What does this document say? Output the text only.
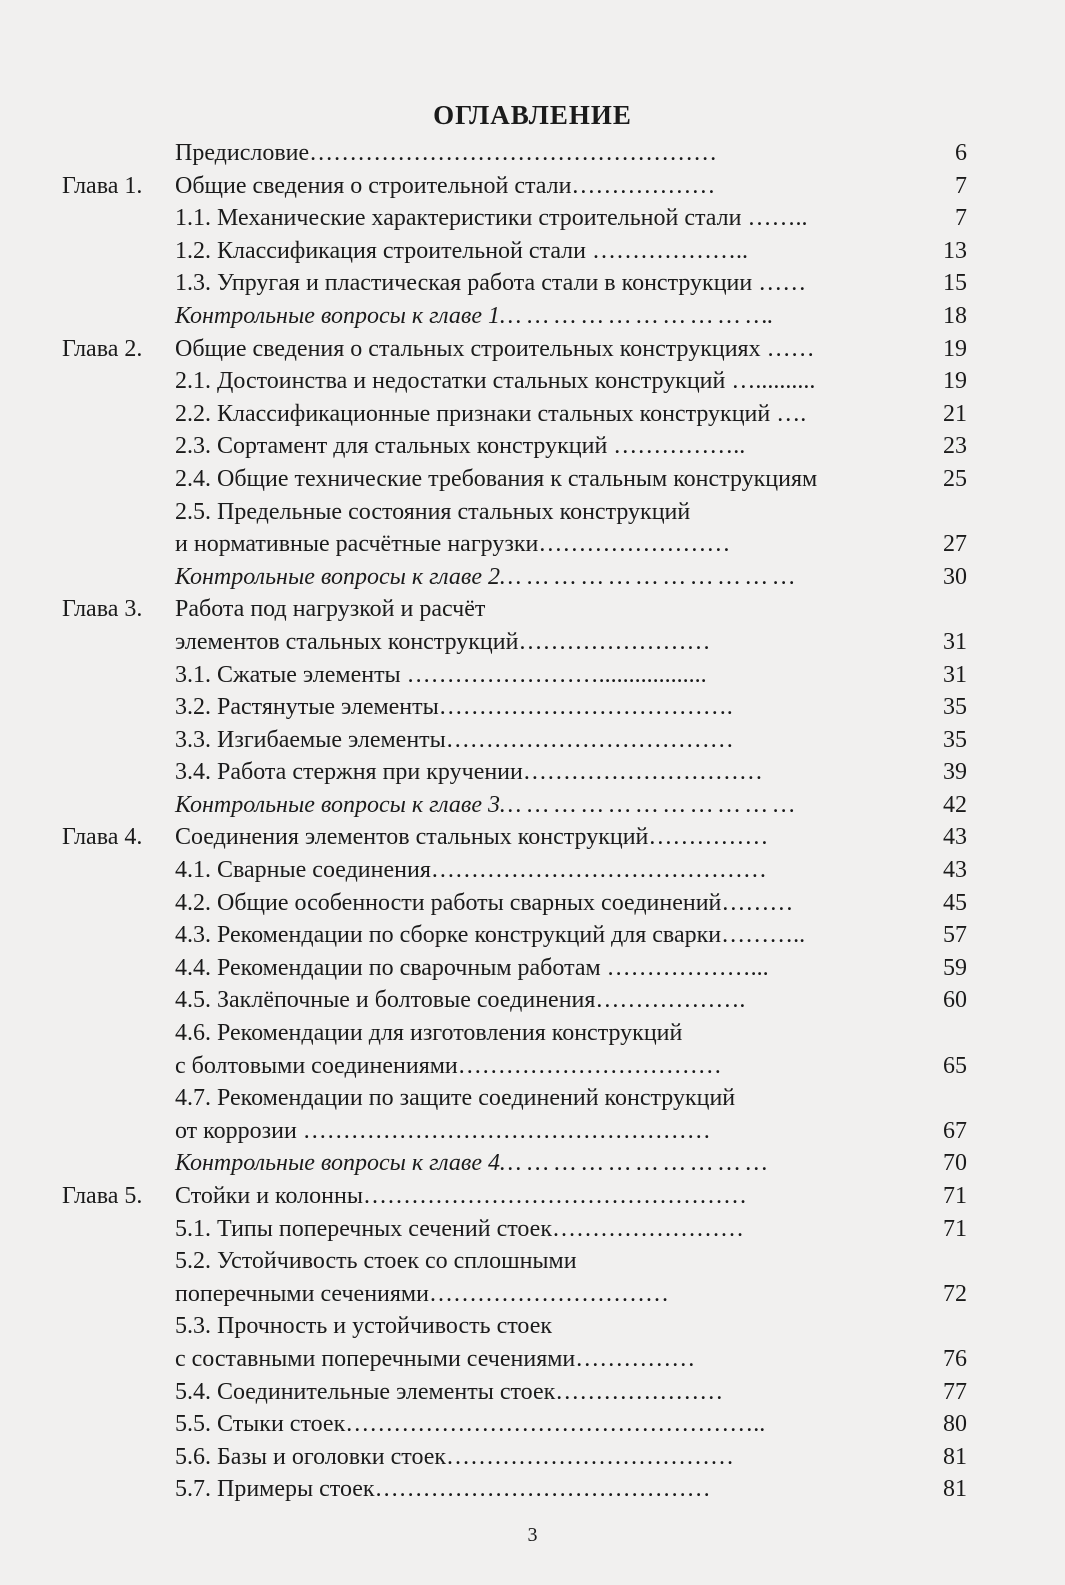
ОГЛАВЛЕНИЕ
Предисловие……………………………………………	6
Глава 1. Общие сведения о строительной стали………………	7
1.1. Механические характеристики строительной стали ……..	7
1.2. Классификация строительной стали ………………..	13
1.3. Упругая и пластическая работа стали в конструкции ……	15
Контрольные вопросы к главе 1… … … … … … … … … ….	18
Глава 2. Общие сведения о стальных строительных конструкциях ……	19
2.1. Достоинства и недостатки стальных конструкций …..........	19
2.2. Классификационные признаки стальных конструкций ….	21
2.3. Сортамент для стальных конструкций ……………..	23
2.4. Общие технические требования к стальным конструкциям	25
2.5. Предельные состояния стальных конструкций
и нормативные расчётные нагрузки……………………	27
Контрольные вопросы к главе 2… … … … … … … … … … …	30
Глава 3. Работа под нагрузкой и расчёт
элементов стальных конструкций……………………	31
3.1. Сжатые элементы ……………………..................	31
3.2. Растянутые элементы……………………………….	35
3.3. Изгибаемые элементы………………………………	35
3.4. Работа стержня при кручении…………………………	39
Контрольные вопросы к главе 3… … … … … … … … … … …	42
Глава 4. Соединения элементов стальных конструкций……………	43
4.1. Сварные соединения……………………………………	43
4.2. Общие особенности работы сварных соединений………	45
4.3. Рекомендации по сборке конструкций для сварки………..	57
4.4. Рекомендации по сварочным работам ………………...	59
4.5. Заклёпочные и болтовые соединения……………….	60
4.6. Рекомендации для изготовления конструкций
с болтовыми соединениями……………………………	65
4.7. Рекомендации по защите соединений конструкций
от коррозии ……………………………………………	67
Контрольные вопросы к главе 4… … … … … … … … … …	70
Глава 5. Стойки и колонны…………………………………………	71
5.1. Типы поперечных сечений стоек……………………	71
5.2. Устойчивость стоек со сплошными
поперечными сечениями…………………………	72
5.3. Прочность и устойчивость стоек
с составными поперечными сечениями……………	76
5.4. Соединительные элементы стоек…………………	77
5.5. Стыки стоек……………………………………………..	80
5.6. Базы и оголовки стоек………………………………	81
5.7. Примеры стоек……………………………………	81
3
